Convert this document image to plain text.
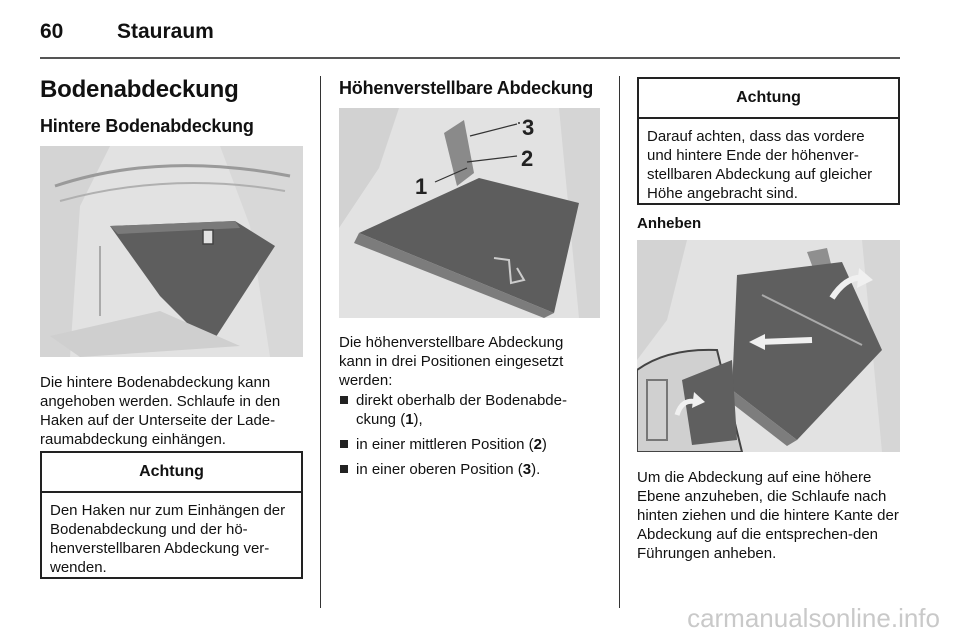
60	Stauraum
Bodenabdeckung
Hintere Bodenabdeckung
Die hintere Bodenabdeckung kann angehoben werden. Schlaufe in den Haken auf der Unterseite der Lade-raumabdeckung einhängen.
Achtung
Den Haken nur zum Einhängen der Bodenabdeckung und der hö-henverstellbaren Abdeckung ver-wenden.
Höhenverstellbare Abdeckung
3
2
1
Die höhenverstellbare Abdeckung kann in drei Positionen eingesetzt werden:
direkt oberhalb der Bodenabde-ckung (1),
in einer mittleren Position (2)
in einer oberen Position (3).
Achtung
Darauf achten, dass das vordere und hintere Ende der höhenver-stellbaren Abdeckung auf gleicher Höhe angebracht sind.
Anheben
Um die Abdeckung auf eine höhere Ebene anzuheben, die Schlaufe nach hinten ziehen und die hintere Kante der Abdeckung auf die entsprechen-den Führungen anheben.
carmanualsonline.info
